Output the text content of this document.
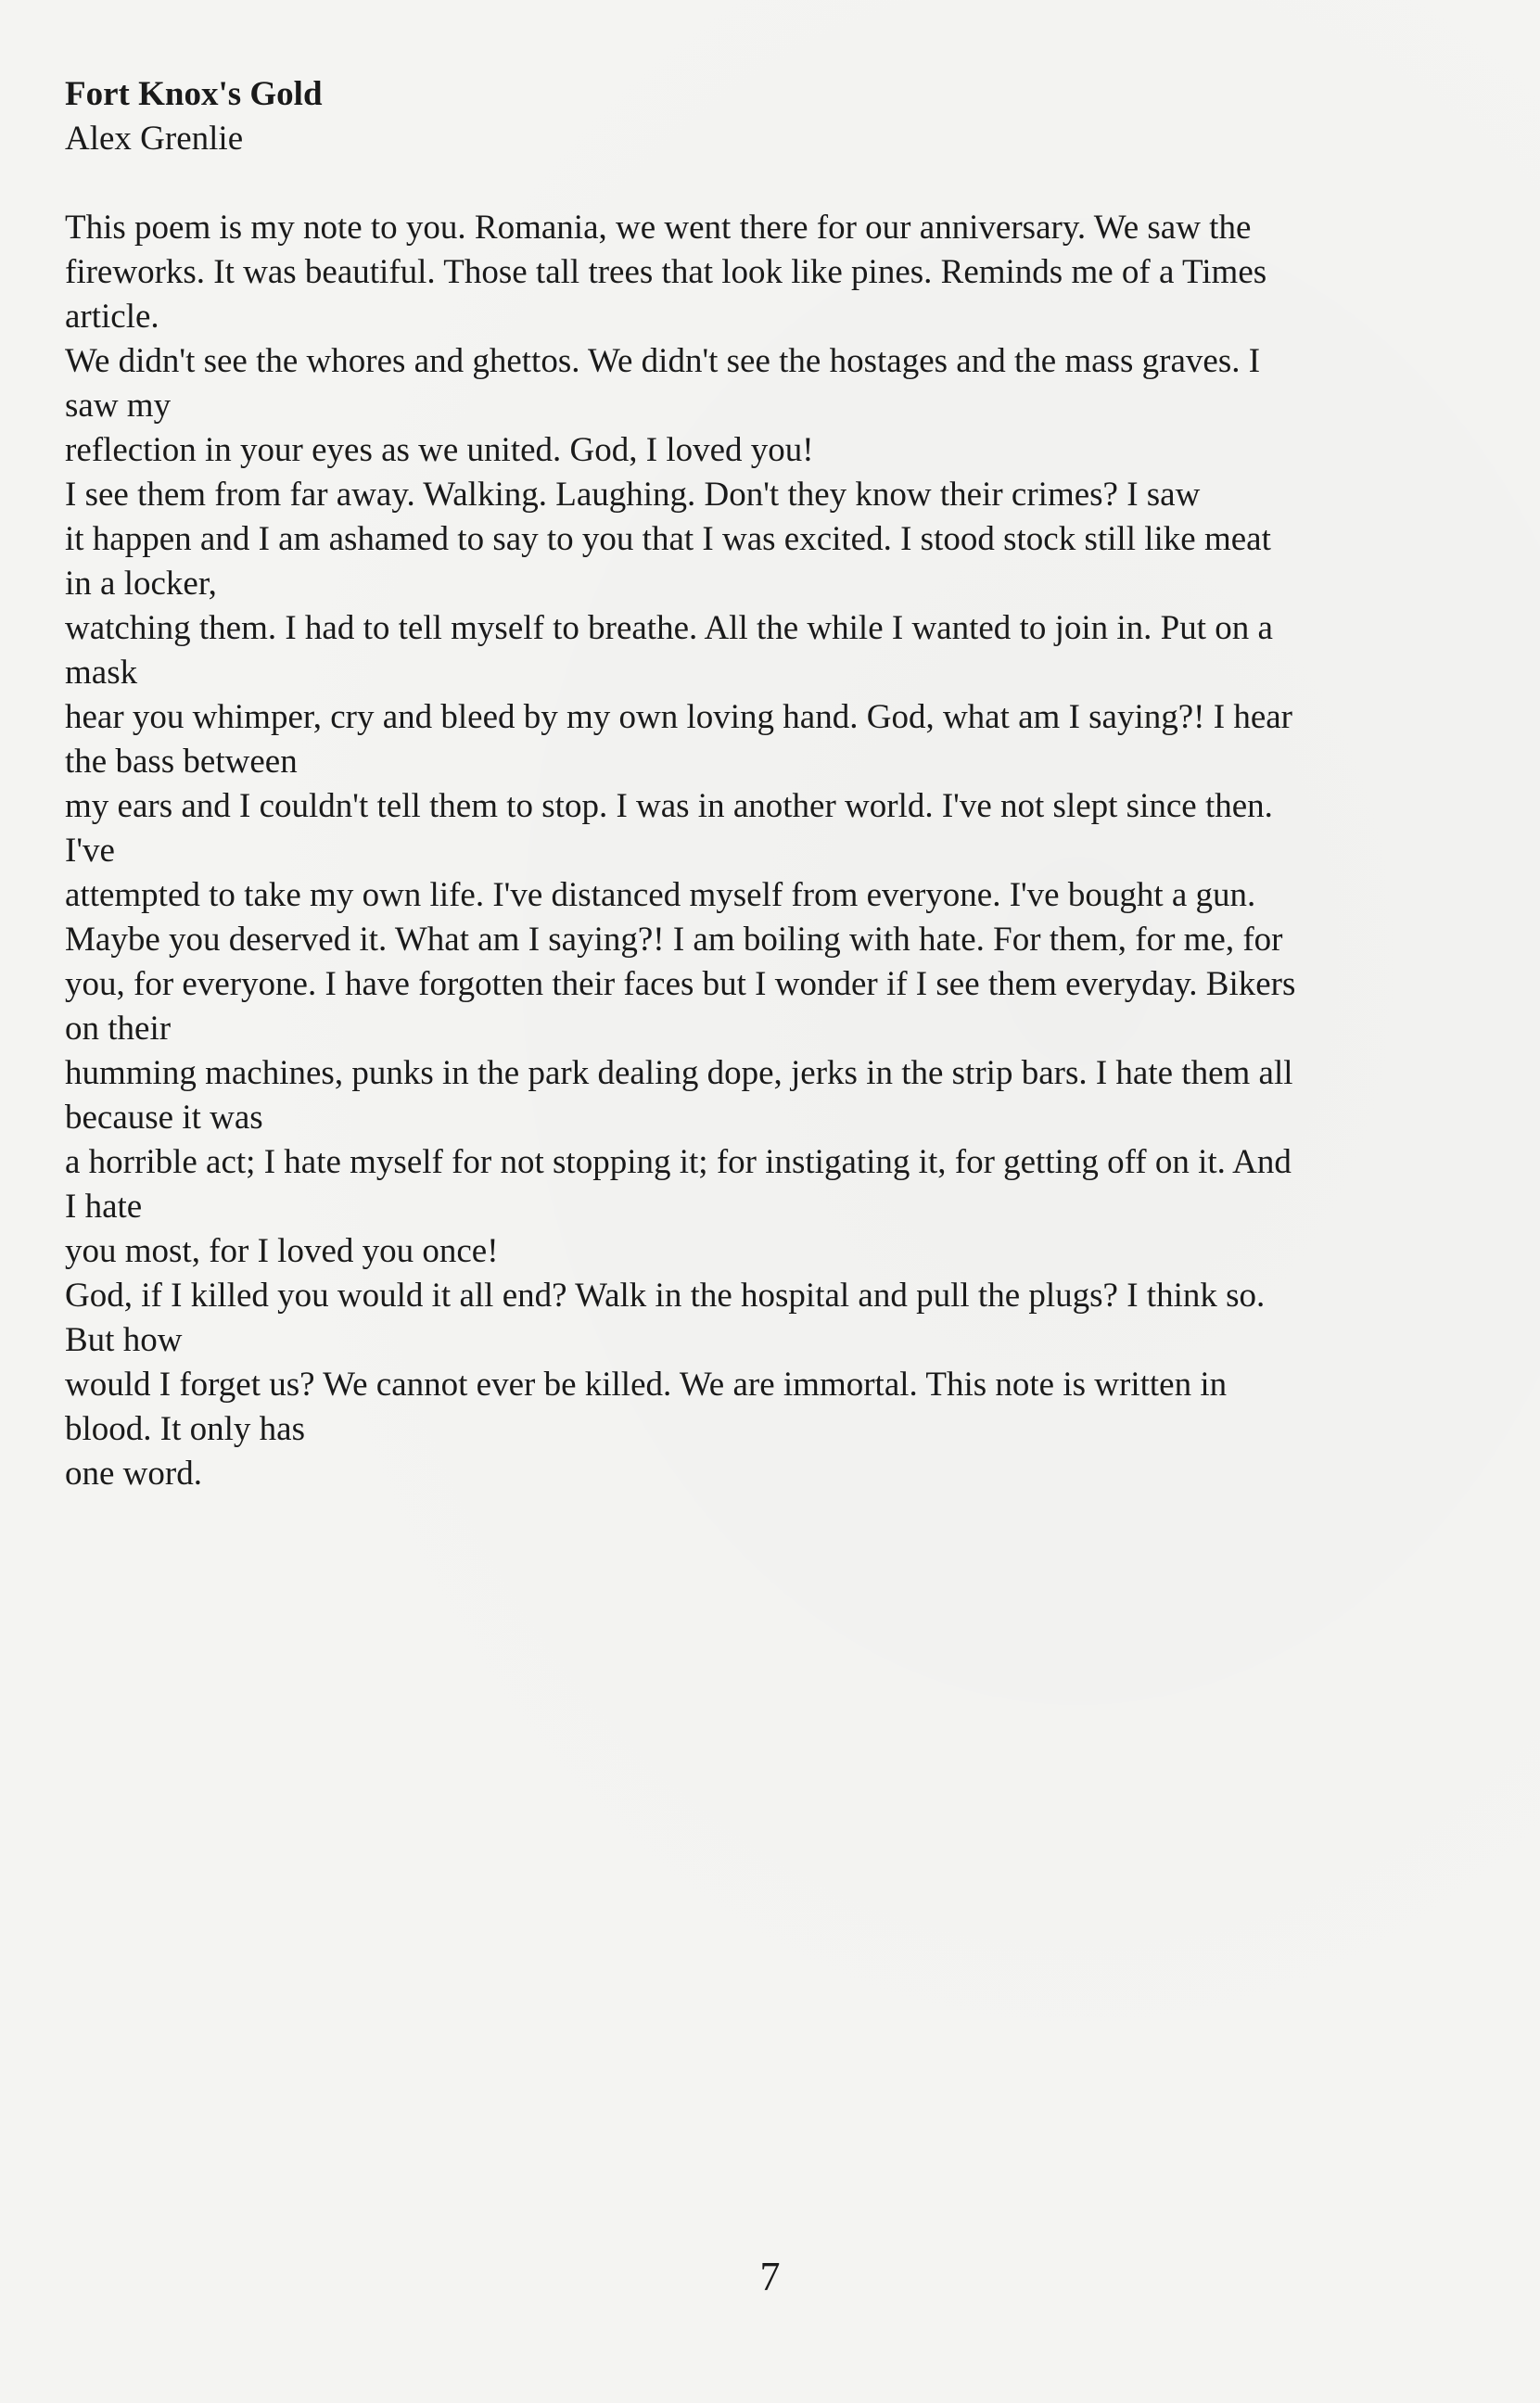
Fort Knox's Gold

Alex Grenlie

This poem is my note to you. Romania, we went there for our anniversary. We saw the

fireworks. It was beautiful. Those tall trees that look like pines. Reminds me of a Times

article.

We didn't see the whores and ghettos. We didn't see the hostages and the mass graves. I

saw my

reflection in your eyes as we united. God, I loved you!

I see them from far away. Walking. Laughing. Don't they know their crimes? I saw

it happen and I am ashamed to say to you that I was excited. I stood stock still like meat

in a locker,

watching them. I had to tell myself to breathe. All the while I wanted to join in. Put on a

mask

hear you whimper, cry and bleed by my own loving hand. God, what am I saying?! I hear

the bass between

my ears and I couldn't tell them to stop. I was in another world. I've not slept since then.

I've

attempted to take my own life. I've distanced myself from everyone. I've bought a gun.

Maybe you deserved it. What am I saying?! I am boiling with hate. For them, for me, for

you, for everyone. I have forgotten their faces but I wonder if I see them everyday. Bikers

on their

humming machines, punks in the park dealing dope, jerks in the strip bars. I hate them all

because it was

a horrible act; I hate myself for not stopping it; for instigating it, for getting off on it. And

I hate

you most, for I loved you once!

God, if I killed you would it all end? Walk in the hospital and pull the plugs? I think so.

But how

would I forget us? We cannot ever be killed. We are immortal. This note is written in

blood. It only has

one word.

7
